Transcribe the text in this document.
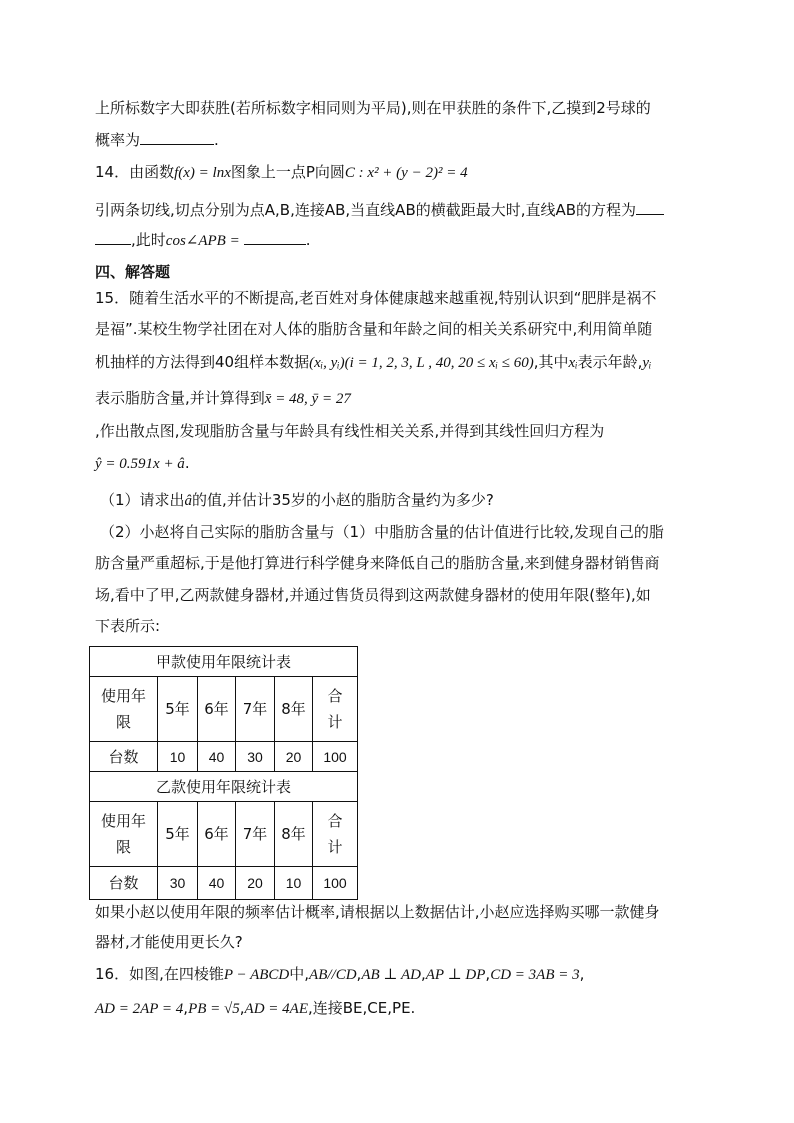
上所标数字大即获胜(若所标数字相同则为平局),则在甲获胜的条件下,乙摸到2号球的
概率为	.
14．由函数f(x) = lnx图象上一点P向圆C : x² + (y − 2)² = 4
引两条切线,切点分别为点A,B,连接AB,当直线AB的横截距最大时,直线AB的方程为
,此时cos∠APB =	.
四、解答题
15．随着生活水平的不断提高,老百姓对身体健康越来越重视,特别认识到“肥胖是祸不
是福”.某校生物学社团在对人体的脂肪含量和年龄之间的相关关系研究中,利用简单随
机抽样的方法得到40组样本数据(xᵢ, yᵢ)(i = 1, 2, 3, L , 40, 20 ≤ xᵢ ≤ 60),其中xᵢ表示年龄,yᵢ
表示脂肪含量,并计算得到x̄ = 48, ȳ = 27
,作出散点图,发现脂肪含量与年龄具有线性相关关系,并得到其线性回归方程为
ŷ = 0.591x + â.
（1）请求出â的值,并估计35岁的小赵的脂肪含量约为多少?
（2）小赵将自己实际的脂肪含量与（1）中脂肪含量的估计值进行比较,发现自己的脂
肪含量严重超标,于是他打算进行科学健身来降低自己的脂肪含量,来到健身器材销售商
场,看中了甲,乙两款健身器材,并通过售货员得到这两款健身器材的使用年限(整年),如
下表所示:
甲款使用年限统计表					
使用年
限	5年	6年	7年	8年	合
计
台数	10	40	30	20	100
乙款使用年限统计表					
使用年
限	5年	6年	7年	8年	合
计
台数	30	40	20	10	100
如果小赵以使用年限的频率估计概率,请根据以上数据估计,小赵应选择购买哪一款健身
器材,才能使用更长久?
16．如图,在四棱锥P − ABCD中,AB//CD,AB ⊥ AD,AP ⊥ DP,CD = 3AB = 3,
AD = 2AP = 4,PB = √5,AD = 4AE,连接BE,CE,PE.
